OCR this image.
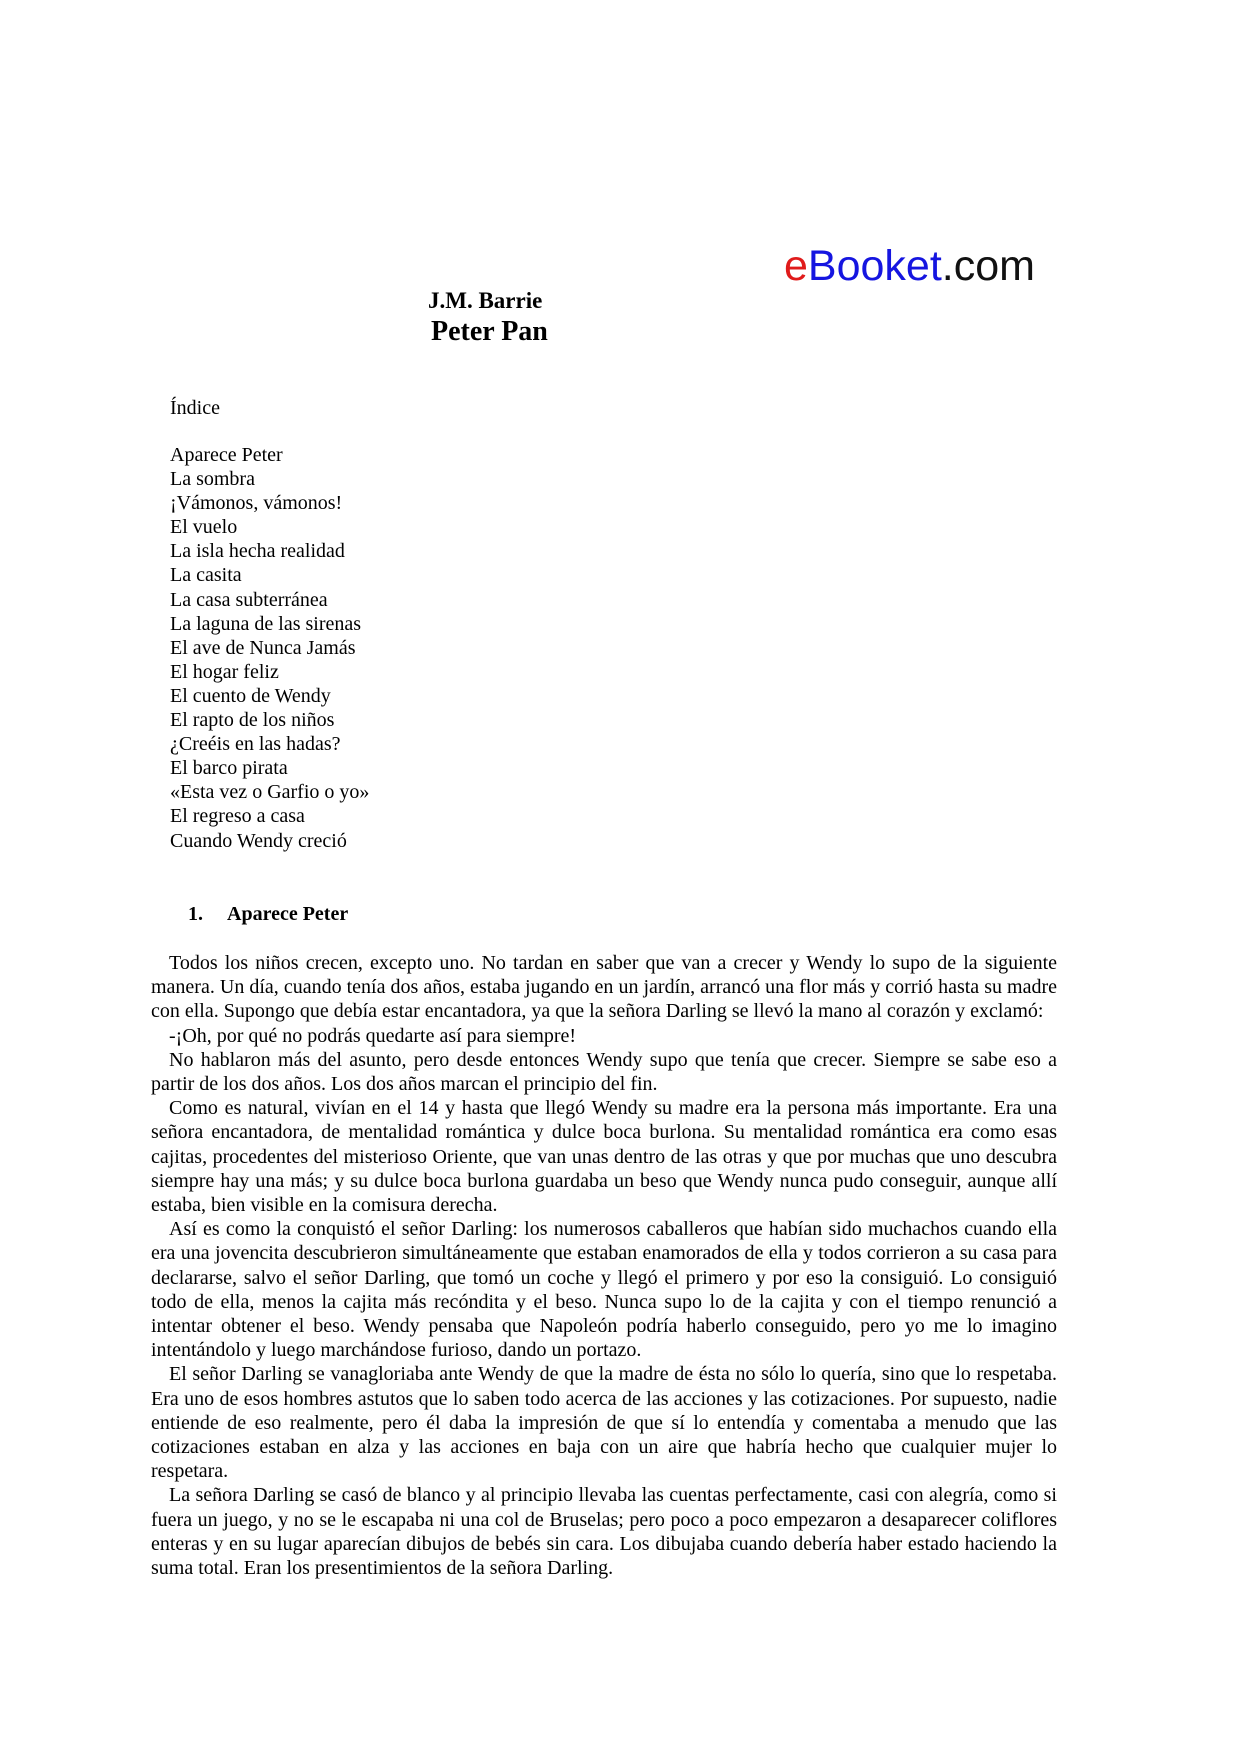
eBooket.com
J.M. Barrie
Peter Pan
Índice
Aparece Peter
La sombra
¡Vámonos, vámonos!
El vuelo
La isla hecha realidad
La casita
La casa subterránea
La laguna de las sirenas
El ave de Nunca Jamás
El hogar feliz
El cuento de Wendy
El rapto de los niños
¿Creéis en las hadas?
El barco pirata
«Esta vez o Garfio o yo»
El regreso a casa
Cuando Wendy creció
1. Aparece Peter

Todos los niños crecen, excepto uno. No tardan en saber que van a crecer y Wendy lo supo de la siguiente manera. Un día, cuando tenía dos años, estaba jugando en un jardín, arrancó una flor más y corrió hasta su madre con ella. Supongo que debía estar encantadora, ya que la señora Darling se llevó la mano al corazón y exclamó:

-¡Oh, por qué no podrás quedarte así para siempre!

No hablaron más del asunto, pero desde entonces Wendy supo que tenía que crecer. Siempre se sabe eso a partir de los dos años. Los dos años marcan el principio del fin.

Como es natural, vivían en el 14 y hasta que llegó Wendy su madre era la persona más importante. Era una señora encantadora, de mentalidad romántica y dulce boca burlona. Su mentalidad romántica era como esas cajitas, procedentes del misterioso Oriente, que van unas dentro de las otras y que por muchas que uno descubra siempre hay una más; y su dulce boca burlona guardaba un beso que Wendy nunca pudo conseguir, aunque allí estaba, bien visible en la comisura derecha.

Así es como la conquistó el señor Darling: los numerosos caballeros que habían sido muchachos cuando ella era una jovencita descubrieron simultáneamente que estaban enamorados de ella y todos corrieron a su casa para declararse, salvo el señor Darling, que tomó un coche y llegó el primero y por eso la consiguió. Lo consiguió todo de ella, menos la cajita más recóndita y el beso. Nunca supo lo de la cajita y con el tiempo renunció a intentar obtener el beso. Wendy pensaba que Napoleón podría haberlo conseguido, pero yo me lo imagino intentándolo y luego marchándose furioso, dando un portazo.

El señor Darling se vanagloriaba ante Wendy de que la madre de ésta no sólo lo quería, sino que lo respetaba. Era uno de esos hombres astutos que lo saben todo acerca de las acciones y las cotizaciones. Por supuesto, nadie entiende de eso realmente, pero él daba la impresión de que sí lo entendía y comentaba a menudo que las cotizaciones estaban en alza y las acciones en baja con un aire que habría hecho que cualquier mujer lo respetara.

La señora Darling se casó de blanco y al principio llevaba las cuentas perfectamente, casi con alegría, como si fuera un juego, y no se le escapaba ni una col de Bruselas; pero poco a poco empezaron a desaparecer coliflores enteras y en su lugar aparecían dibujos de bebés sin cara. Los dibujaba cuando debería haber estado haciendo la suma total. Eran los presentimientos de la señora Darling.
